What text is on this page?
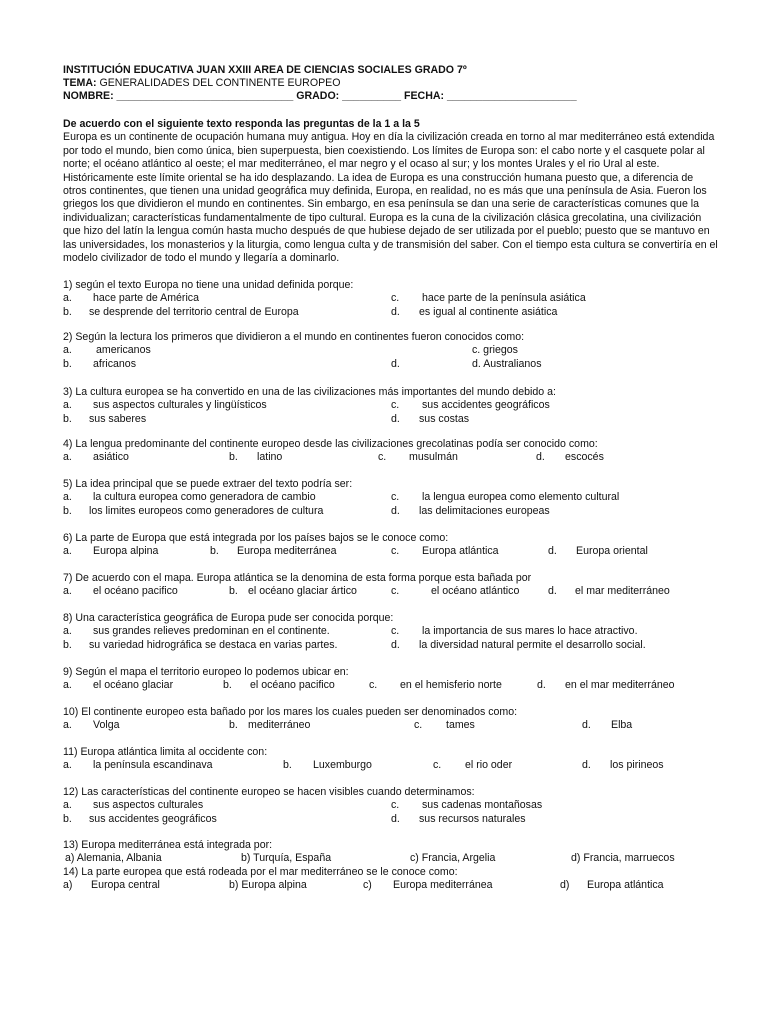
INSTITUCIÓN EDUCATIVA JUAN XXIII AREA DE CIENCIAS SOCIALES GRADO 7º
TEMA: GENERALIDADES DEL CONTINENTE EUROPEO
NOMBRE: ______________________________ GRADO: __________ FECHA: ______________________
De acuerdo con el siguiente texto responda las preguntas de la 1 a la 5
Europa es un continente de ocupación humana muy antigua. Hoy en día la civilización creada en torno al mar mediterráneo está extendida por todo el mundo, bien como única, bien superpuesta, bien coexistiendo. Los límites de Europa son: el cabo norte y el casquete polar al norte; el océano atlántico al oeste; el mar mediterráneo, el mar negro y el ocaso al sur; y los montes Urales y el rio Ural al este. Históricamente este límite oriental se ha ido desplazando. La idea de Europa es una construcción humana puesto que, a diferencia de otros continentes, que tienen una unidad geográfica muy definida, Europa, en realidad, no es más que una península de Asia. Fueron los griegos los que dividieron el mundo en continentes. Sin embargo, en esa península se dan una serie de características comunes que la individualizan; características fundamentalmente de tipo cultural. Europa es la cuna de la civilización clásica grecolatina, una civilización que hizo del latín la lengua común hasta mucho después de que hubiese dejado de ser utilizada por el pueblo; puesto que se mantuvo en las universidades, los monasterios y la liturgia, como lengua culta y de transmisión del saber. Con el tiempo esta cultura se convertiría en el modelo civilizador de todo el mundo y llegaría a dominarlo.
1) según el texto Europa no tiene una unidad definida porque:
a. hace parte de América	c. hace parte de la península asiática
b. se desprende del territorio central de Europa	d. es igual al continente asiática
2) Según la lectura los primeros que dividieron a el mundo en continentes fueron conocidos como:
a. americanos	c. griegos
b. africanos	d.	d. Australianos
3) La cultura europea se ha convertido en una de las civilizaciones más importantes del mundo debido a:
a. sus aspectos culturales y lingüísticos	c. sus accidentes geográficos
b. sus saberes	d. sus costas
4) La lengua predominante del continente europeo desde las civilizaciones grecolatinas podía ser conocido como:
a. asiático	b. latino	c. musulmán	d. escocés
5) La idea principal que se puede extraer del texto podría ser:
a. la cultura europea como generadora de cambio	c. la lengua europea como elemento cultural
b. los limites europeos como generadores de cultura	d. las delimitaciones europeas
6) La parte de Europa que está integrada por los países bajos se le conoce como:
a. Europa alpina	b. Europa mediterránea	c. Europa atlántica	d. Europa oriental
7) De acuerdo con el mapa. Europa atlántica se la denomina de esta forma porque esta bañada por
a. el océano pacifico	b. el océano glaciar ártico	c.	el océano atlántico	d. el mar mediterráneo
8) Una característica geográfica de Europa pude ser conocida porque:
a. sus grandes relieves predominan en el continente.	c. la importancia de sus mares lo hace atractivo.
b. su variedad hidrográfica se destaca en varias partes.	d. la diversidad natural permite el desarrollo social.
9) Según el mapa el territorio europeo lo podemos ubicar en:
a. el océano glaciar	b. el océano pacifico	c. en el hemisferio norte	d. en el mar mediterráneo
10) El continente europeo esta bañado por los mares los cuales pueden ser denominados como:
a. Volga	b. mediterráneo	c. tames	d. Elba
11) Europa atlántica limita al occidente con:
a. la península escandinava	b. Luxemburgo	c. el rio oder	d. los pirineos
12) Las características del continente europeo se hacen visibles cuando determinamos:
a. sus aspectos culturales	c. sus cadenas montañosas
b. sus accidentes geográficos	d. sus recursos naturales
13) Europa mediterránea está integrada por:
a) Alemania, Albania	b) Turquía, España	c) Francia, Argelia	d) Francia, marruecos
14) La parte europea que está rodeada por el mar mediterráneo se le conoce como:
a) Europa central	b) Europa alpina	c) Europa mediterránea	d) Europa atlántica
